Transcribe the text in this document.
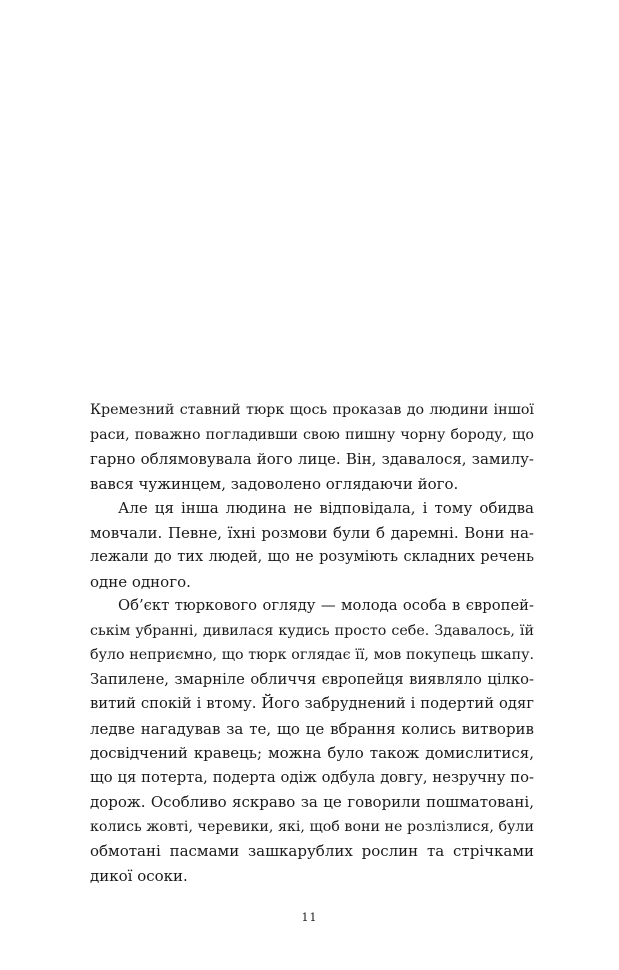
Кремезний ставний тюрк щось проказав до людини іншої
раси, поважно погладивши свою пишну чорну бороду, що
гарно облямовувала його лице. Він, здавалося, замилу-
вався чужинцем, задоволено оглядаючи його.
Але ця інша людина не відповідала, і тому обидва
мовчали. Певне, їхні розмови були б даремні. Вони на-
лежали до тих людей, що не розуміють складних речень
одне одного.
Об’єкт тюркового огляду — молода особа в європей-
ськім убранні, дивилася кудись просто себе. Здавалось, їй
було неприємно, що тюрк оглядає її, мов покупець шкапу.
Запилене, змарніле обличчя європейця виявляло цілко-
витий спокій і втому. Його забруднений і подертий одяг
ледве нагадував за те, що це вбрання колись витворив
досвідчений кравець; можна було також домислитися,
що ця потерта, подерта одіж одбула довгу, незручну по-
дорож. Особливо яскраво за це говорили пошматовані,
колись жовті, черевики, які, щоб вони не розлізлися, були
обмотані пасмами зашкарублих рослин та стрічками
дикої осоки.
11
